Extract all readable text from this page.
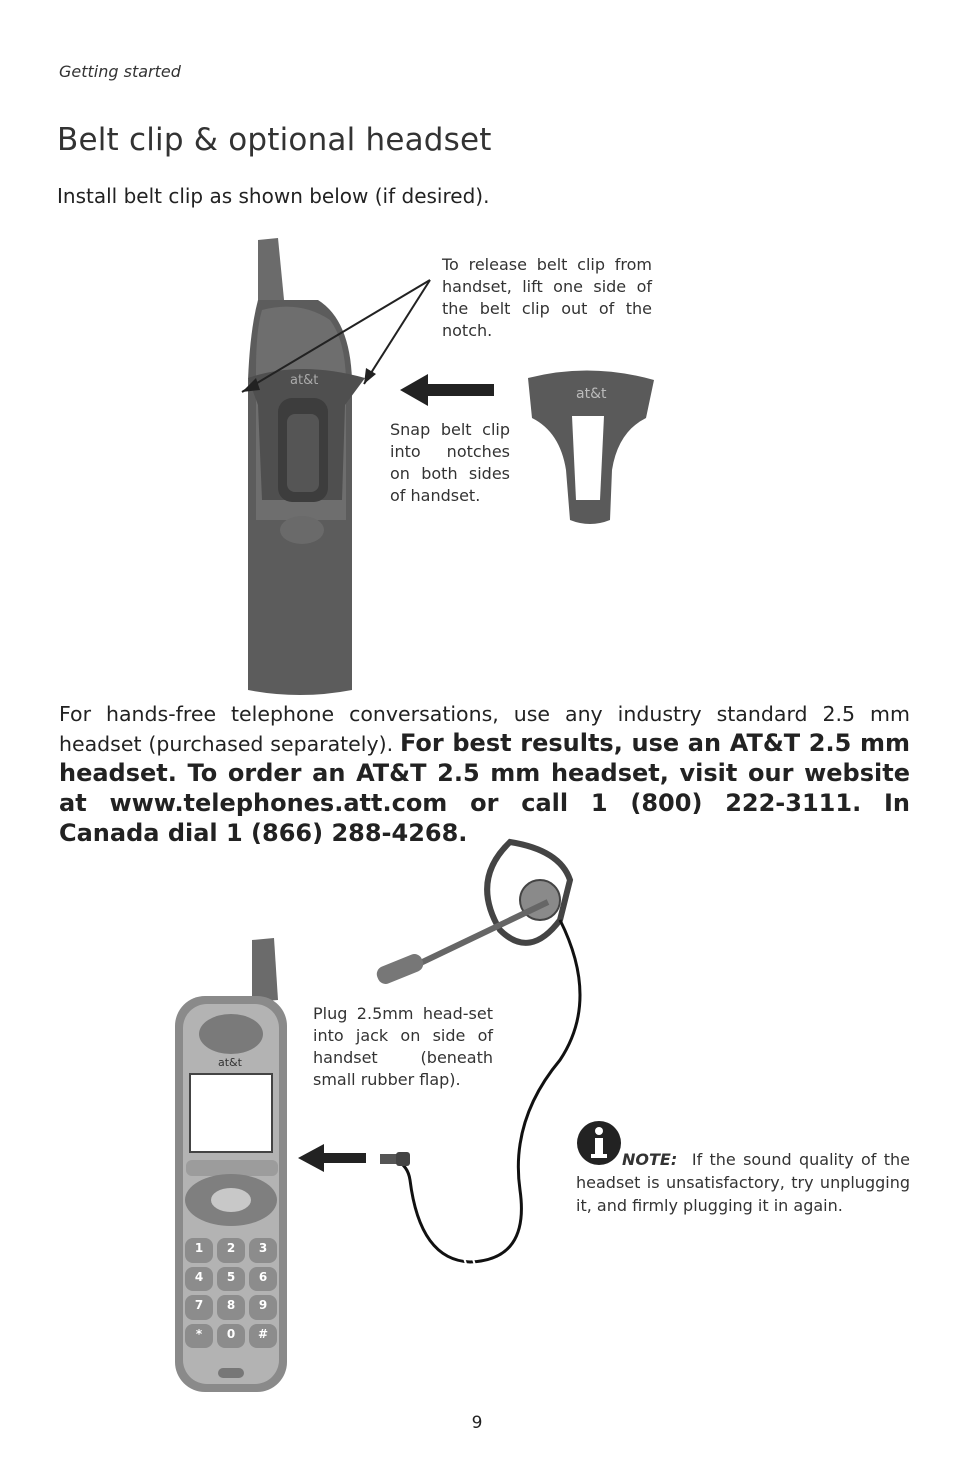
Getting started
Belt clip & optional headset
Install belt clip as shown below (if desired).
at&t
at&t
To release belt clip from handset, lift one side of the belt clip out of the notch.
Snap belt clip into notches on both sides of handset.
For hands-free telephone conversations, use any industry standard 2.5 mm headset (purchased separately). For best results, use an AT&T 2.5 mm headset. To order an AT&T 2.5 mm headset, visit our website at www.telephones.att.com or call 1 (800) 222-3111. In Canada dial 1 (866) 288-4268.
at&t
1	2	3
4	5	6
7	8	9
*	0	#
Plug 2.5mm head-set into jack on side of handset (beneath small rubber flap).
NOTE: If the sound quality of the headset is unsatisfactory, try unplugging it, and firmly plugging it in again.
9
